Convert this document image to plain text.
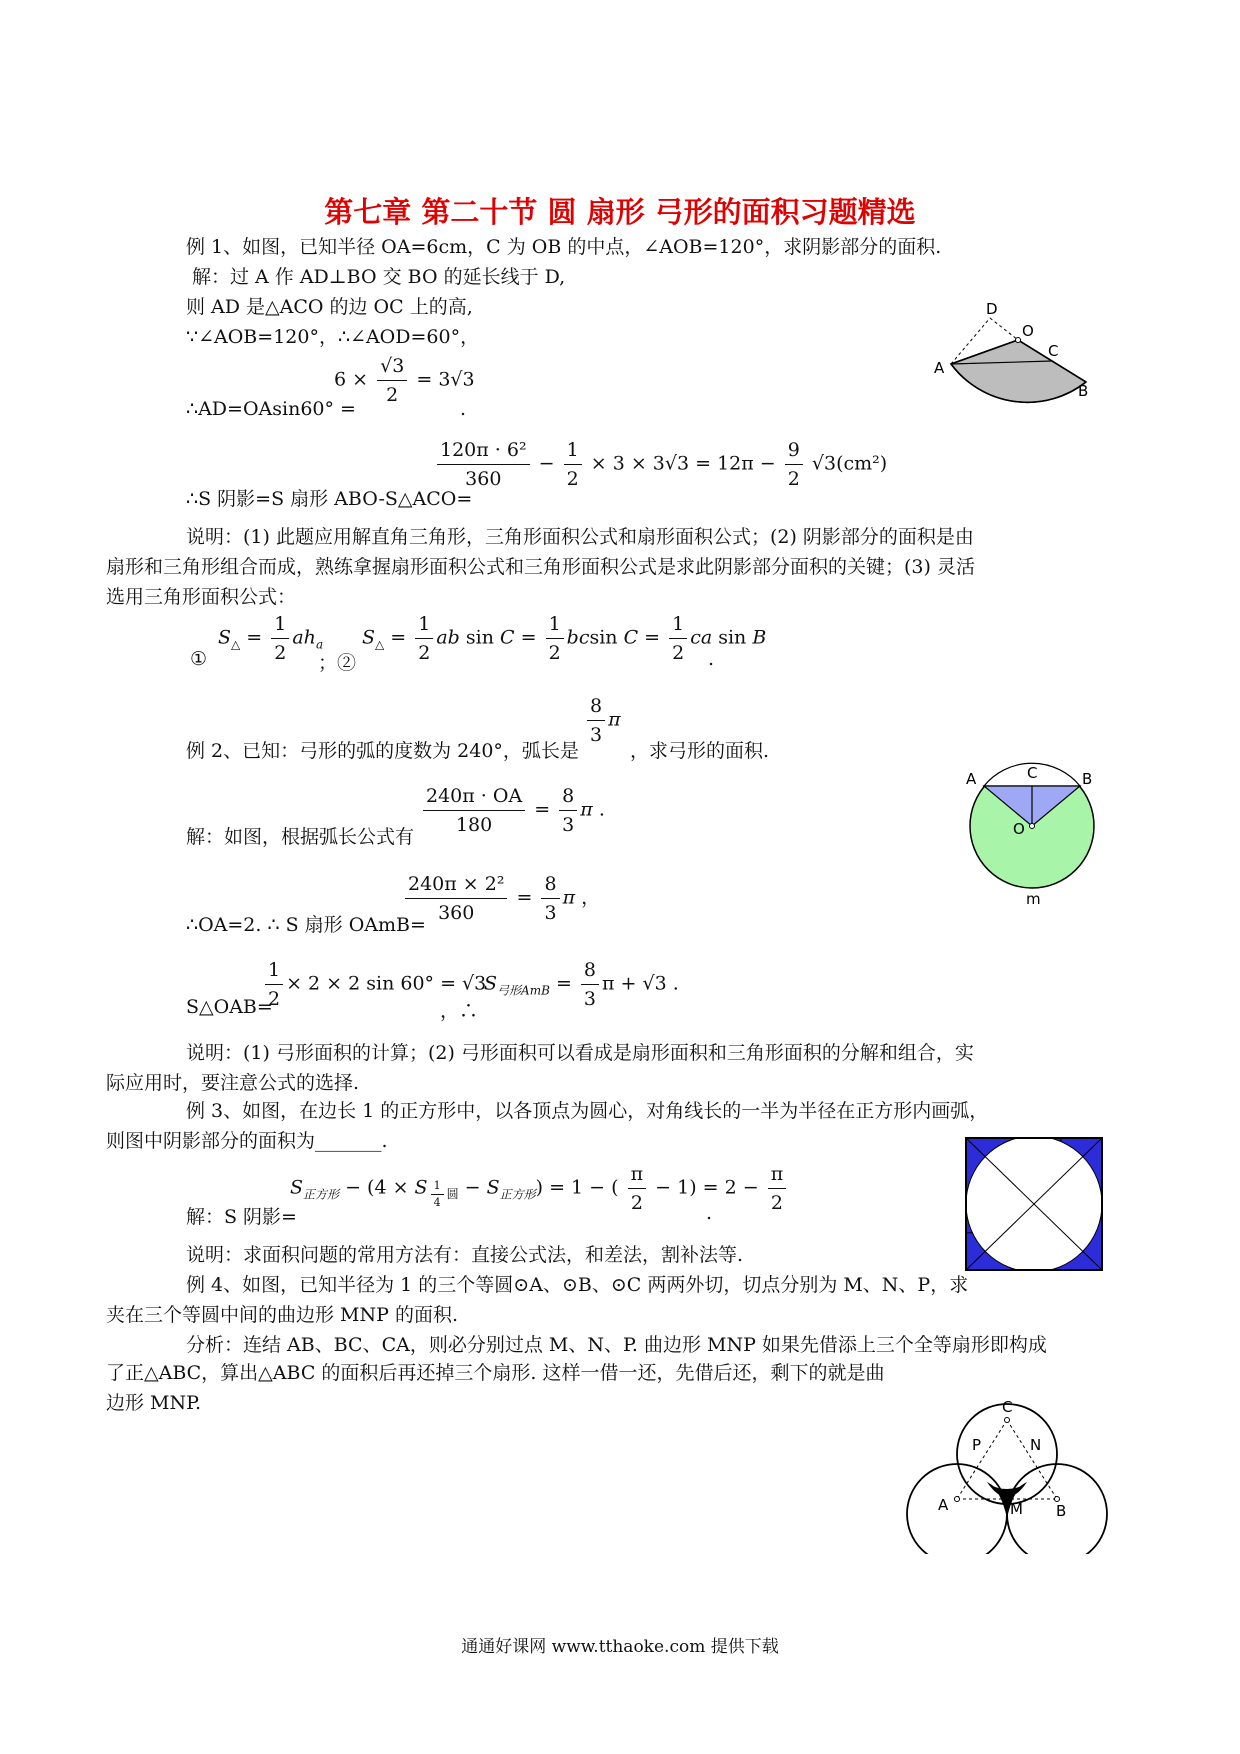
第七章 第二十节 圆 扇形 弓形的面积习题精选
例 1、如图，已知半径 OA=6cm，C 为 OB 的中点，∠AOB=120°，求阴影部分的面积.
解：过 A 作 AD⊥BO 交 BO 的延长线于 D,
则 AD 是△ACO 的边 OC 上的高,
∵∠AOB=120°，∴∠AOD=60°，
∴AD=OAsin60° =
$6 \times \frac{√3}{2} = 3√3$
.
∴S 阴影=S 扇形 ABO-S△ACO=
$\frac{\text{120π · 6²}}{360} - \frac{1}{2} \times 3 \times 3√3 = 12\pi - \frac{9}{2} √3(cm^2)$
说明：(1) 此题应用解直角三角形，三角形面积公式和扇形面积公式；(2) 阴影部分的面积是由
扇形和三角形组合而成，熟练拿握扇形面积公式和三角形面积公式是求此阴影部分面积的关键；(3) 灵活
选用三角形面积公式：
①
$S_\triangle = \frac{1}{2} ah_a$
；②
$S_\triangle = \frac{1}{2}$ ab $\sin C = \frac{1}{2}$ bcsin $C = \frac{1}{2}$ ca sin B
.
D
O
C
A
B
例 2、已知：弓形的弧的度数为 240°，弧长是
$\frac{8}{3}$ π
，求弓形的面积.
解：如图，根据弧长公式有 $\frac{240\pi \cdot OA}{180} = \frac{8}{3}$ π .
∴OA=2. ∴ S 扇形 OAmB=
$\frac{\text{240π × 2²}}{360} = \frac{8}{3}$ π ，
S△OAB=
$\frac{1}{2} \times 2 \times 2$ sin 60° = √3
，∴
$S_{弓形AmB} = \frac{8}{3}$ π + √3 .
说明：(1) 弓形面积的计算；(2) 弓形面积可以看成是扇形面积和三角形面积的分解和组合，实
际应用时，要注意公式的选择.
A	C	B
O
m
例 3、如图，在边长 1 的正方形中，以各顶点为圆心，对角线长的一半为半径在正方形内画弧，
则图中阴影部分的面积为_______.
解：S 阴影=
$S_{正方形} - (4 \times S$ $_{\frac{1}{4} 圆} - S_{正方形}) = 1$ − ( $\frac{\pi}{2} - 1) = 2 - \frac{\pi}{2}$
.
说明：求面积问题的常用方法有：直接公式法，和差法，割补法等.
例 4、如图，已知半径为 1 的三个等圆⊙A、⊙B、⊙C 两两外切，切点分别为 M、N、P，求
夹在三个等圆中间的曲边形 MNP 的面积.
分析：连结 AB、BC、CA，则必分别过点 M、N、P. 曲边形 MNP 如果先借添上三个全等扇形即构成
了正△ABC，算出△ABC 的面积后再还掉三个扇形. 这样一借一还，先借后还，剩下的就是曲
边形 MNP.	C
P	N
A	M B
通通好课网 www.tthaoke.com 提供下载
